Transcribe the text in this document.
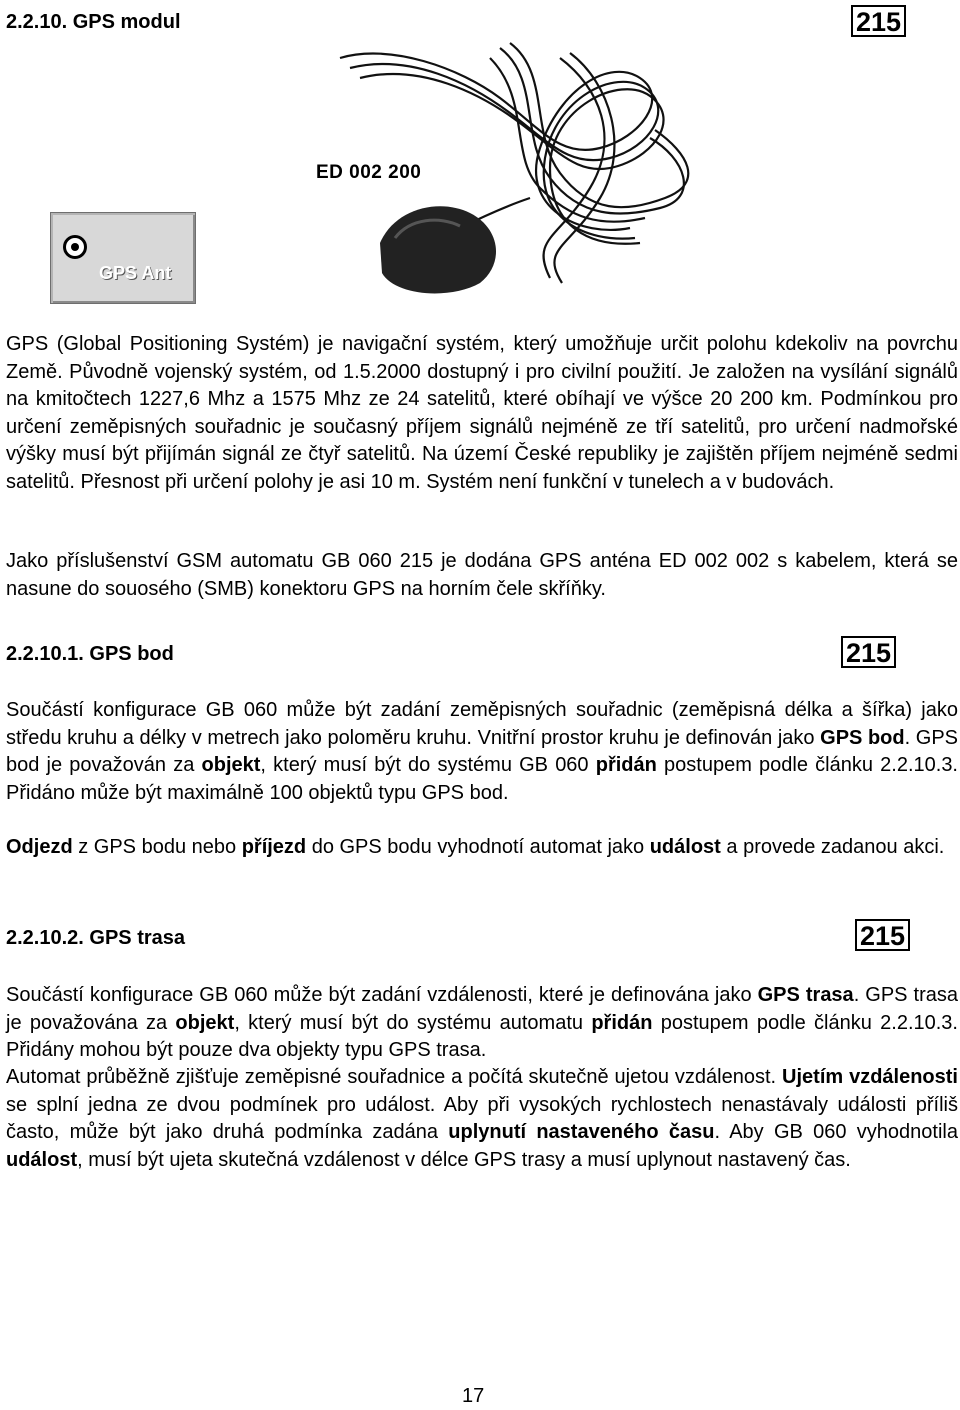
2.2.10. GPS modul	215
ED 002 200
GPS Ant

GPS (Global Positioning Systém) je navigační systém, který umožňuje určit polohu kdekoliv na povrchu Země. Původně vojenský systém, od 1.5.2000 dostupný i pro civilní použití. Je založen na vysílání signálů na kmitočtech 1227,6 Mhz a 1575 Mhz ze 24 satelitů, které obíhají ve výšce 20 200 km. Podmínkou pro určení zeměpisných souřadnic je současný příjem signálů nejméně ze tří satelitů, pro určení nadmořské výšky musí být přijímán signál ze čtyř satelitů. Na území České republiky je zajištěn příjem nejméně sedmi satelitů. Přesnost při určení polohy je asi 10 m. Systém není funkční v tunelech a v budovách.

Jako příslušenství GSM automatu GB 060 215 je dodána GPS anténa ED 002 002 s kabelem, která se nasune do souosého (SMB) konektoru GPS na horním čele skříňky.

2.2.10.1. GPS bod	215

Součástí konfigurace GB 060 může být zadání zeměpisných souřadnic (zeměpisná délka a šířka) jako středu kruhu a délky v metrech jako poloměru kruhu. Vnitřní prostor kruhu je definován jako GPS bod. GPS bod je považován za objekt, který musí být do systému GB 060 přidán postupem podle článku 2.2.10.3. Přidáno může být maximálně 100 objektů typu GPS bod.

Odjezd z GPS bodu nebo příjezd do GPS bodu vyhodnotí automat jako událost a provede zadanou akci.

2.2.10.2. GPS trasa	215

Součástí konfigurace GB 060 může být zadání vzdálenosti, které je definována jako GPS trasa. GPS trasa je považována za objekt, který musí být do systému automatu přidán postupem podle článku 2.2.10.3. Přidány mohou být pouze dva objekty typu GPS trasa.

Automat průběžně zjišťuje zeměpisné souřadnice a počítá skutečně ujetou vzdálenost. Ujetím vzdálenosti se splní jedna ze dvou podmínek pro událost. Aby při vysokých rychlostech nenastávaly události příliš často, může být jako druhá podmínka zadána uplynutí nastaveného času. Aby GB 060 vyhodnotila událost, musí být ujeta skutečná vzdálenost v délce GPS trasy a musí uplynout nastavený čas.

17
